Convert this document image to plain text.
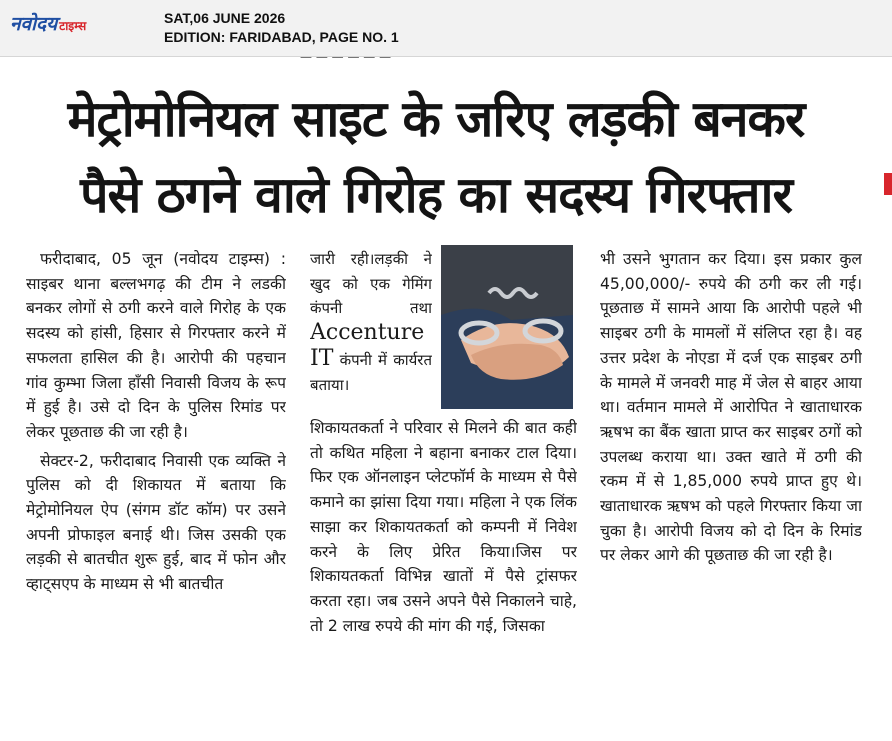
नवोदय टाइम्स	SAT,06 JUNE 2026
EDITION: FARIDABAD, PAGE NO. 1
— — — — — —
मेट्रोमोनियल साइट के जरिए लड़की बनकर
पैसे ठगने वाले गिरोह का सदस्य गिरफ्तार

फरीदाबाद, 05 जून (नवोदय टाइम्स) : साइबर थाना बल्लभगढ़ की टीम ने लडकी बनकर लोगों से ठगी करने वाले गिरोह के एक सदस्य को हांसी, हिसार से गिरफ्तार करने में सफलता हासिल की है। आरोपी की पहचान गांव कुम्भा जिला हाँसी निवासी विजय के रूप में हुई है। उसे दो दिन के पुलिस रिमांड पर लेकर पूछताछ की जा रही है।

सेक्टर-2, फरीदाबाद निवासी एक व्यक्ति ने पुलिस को दी शिकायत में बताया कि मेट्रोमोनियल ऐप (संगम डॉट कॉम) पर उसने अपनी प्रोफाइल बनाई थी। जिस उसकी एक लड़की से बातचीत शुरू हुई, बाद में फोन और व्हाट्सएप के माध्यम से भी बातचीत

जारी रही।लड़की ने खुद को एक गेमिंग कंपनी तथा Accenture IT कंपनी में कार्यरत बताया।

शिकायतकर्ता ने परिवार से मिलने की बात कही तो कथित महिला ने बहाना बनाकर टाल दिया।फिर एक ऑनलाइन प्लेटफॉर्म के माध्यम से पैसे कमाने का झांसा दिया गया। महिला ने एक लिंक साझा कर शिकायतकर्ता को कम्पनी में निवेश करने के लिए प्रेरित किया।जिस पर शिकायतकर्ता विभिन्न खातों में पैसे ट्रांसफर करता रहा। जब उसने अपने पैसे निकालने चाहे, तो 2 लाख रुपये की मांग की गई, जिसका

भी उसने भुगतान कर दिया। इस प्रकार कुल 45,00,000/- रुपये की ठगी कर ली गई। पूछताछ में सामने आया कि आरोपी पहले भी साइबर ठगी के मामलों में संलिप्त रहा है। वह उत्तर प्रदेश के नोएडा में दर्ज एक साइबर ठगी के मामले में जनवरी माह में जेल से बाहर आया था। वर्तमान मामले में आरोपित ने खाताधारक ऋषभ का बैंक खाता प्राप्त कर साइबर ठगों को उपलब्ध कराया था। उक्त खाते में ठगी की रकम में से 1,85,000 रुपये प्राप्त हुए थे। खाताधारक ऋषभ को पहले गिरफ्तार किया जा चुका है। आरोपी विजय को दो दिन के रिमांड पर लेकर आगे की पूछताछ की जा रही है।
